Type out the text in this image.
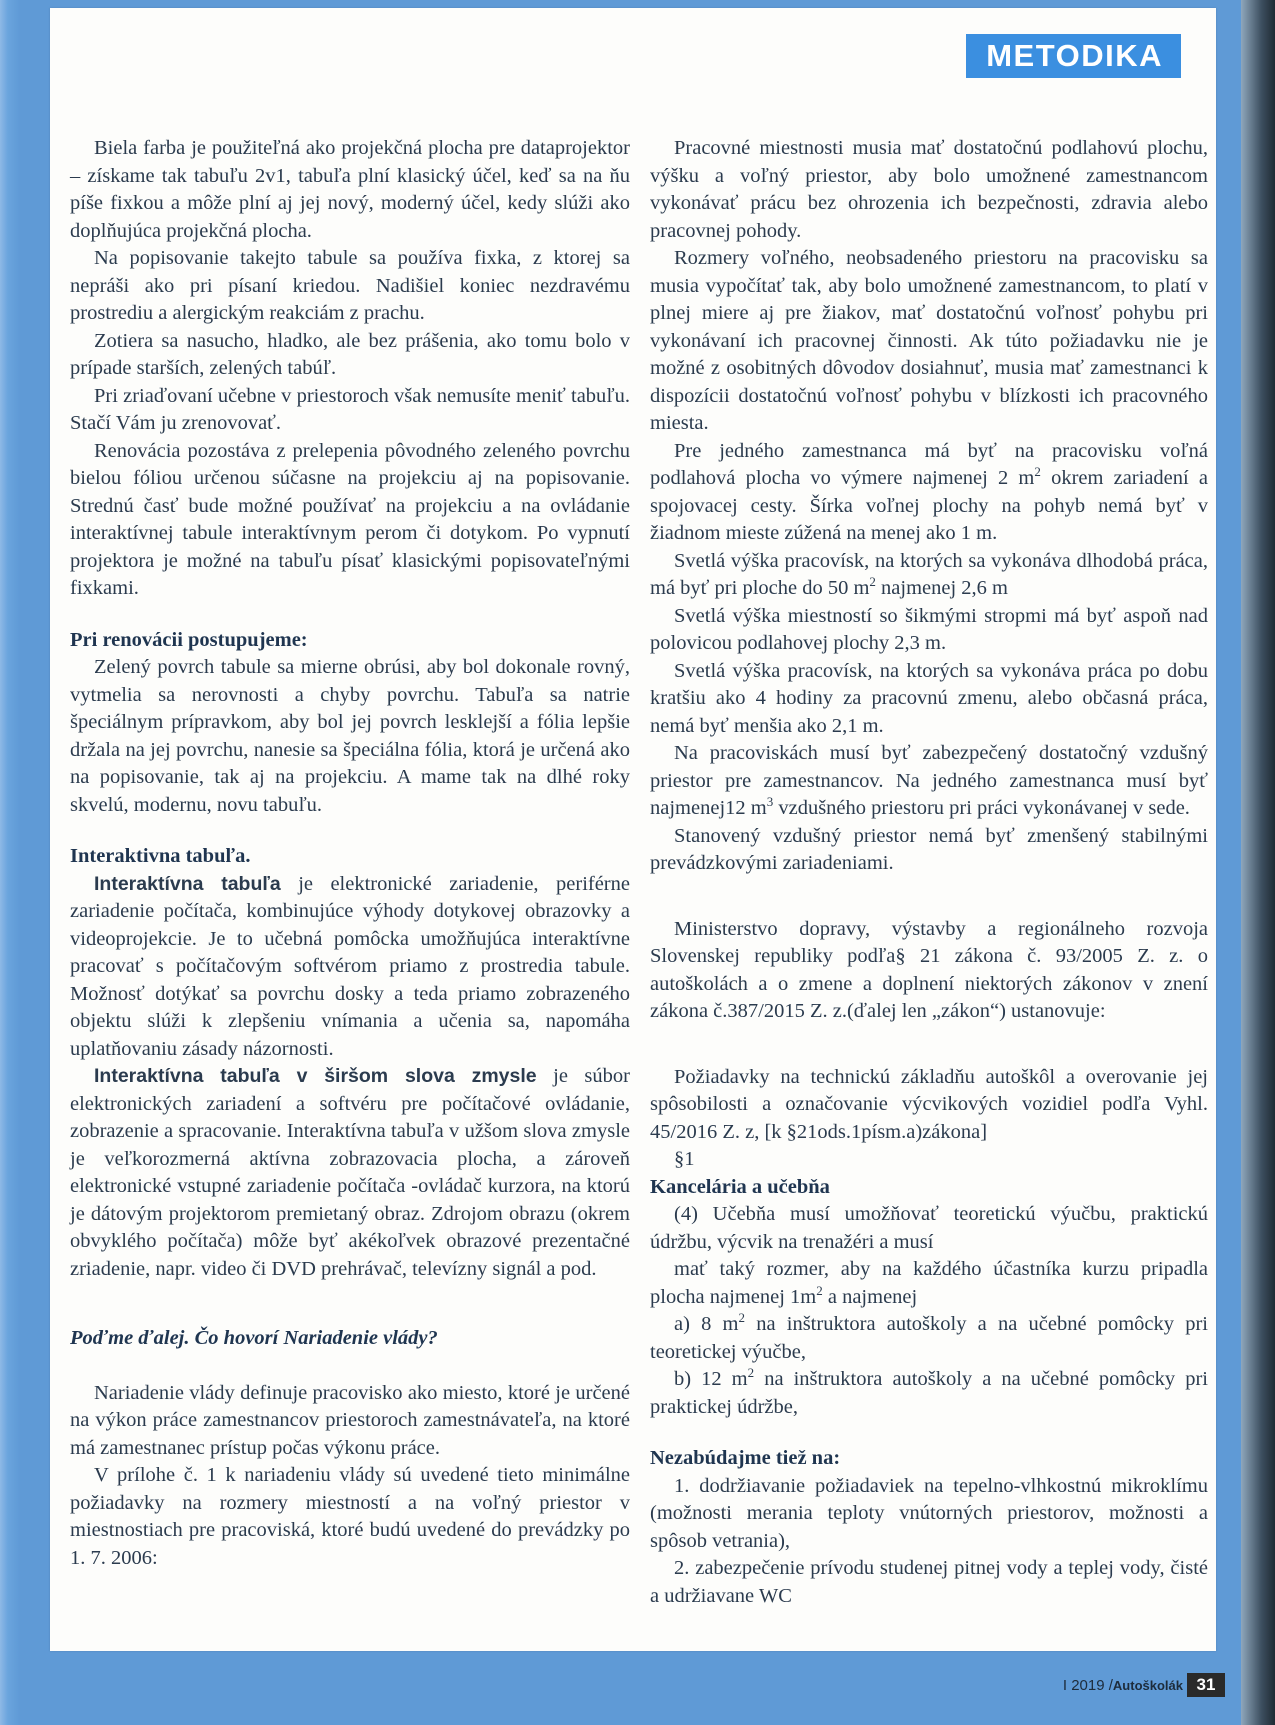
METODIKA

Biela farba je použiteľná ako projekčná plocha pre dataprojektor – získame tak tabuľu 2v1, tabuľa plní klasický účel, keď sa na ňu píše fixkou a môže plní aj jej nový, moderný účel, kedy slúži ako doplňujúca projekčná plocha.

Na popisovanie takejto tabule sa používa fixka, z ktorej sa nepráši ako pri písaní kriedou. Nadišiel koniec nezdravému prostrediu a alergickým reakciám z prachu.

Zotiera sa nasucho, hladko, ale bez prášenia, ako tomu bolo v prípade starších, zelených tabúľ.

Pri zriaďovaní učebne v priestoroch však nemusíte meniť tabuľu. Stačí Vám ju zrenovovať.

Renovácia pozostáva z prelepenia pôvodného zeleného povrchu bielou fóliou určenou súčasne na projekciu aj na popisovanie. Strednú časť bude možné používať na projekciu a na ovládanie interaktívnej tabule interaktívnym perom či dotykom. Po vypnutí projektora je možné na tabuľu písať klasickými popisovateľnými fixkami.

Pri renovácii postupujeme:

Zelený povrch tabule sa mierne obrúsi, aby bol dokonale rovný, vytmelia sa nerovnosti a chyby povrchu. Tabuľa sa natrie špeciálnym prípravkom, aby bol jej povrch lesklejší a fólia lepšie držala na jej povrchu, nanesie sa špeciálna fólia, ktorá je určená ako na popisovanie, tak aj na projekciu. A mame tak na dlhé roky skvelú, modernu, novu tabuľu.

Interaktivna tabuľa.

Interaktívna tabuľa je elektronické zariadenie, periférne zariadenie počítača, kombinujúce výhody dotykovej obrazovky a videoprojekcie. Je to učebná pomôcka umožňujúca interaktívne pracovať s počítačovým softvérom priamo z prostredia tabule. Možnosť dotýkať sa povrchu dosky a teda priamo zobrazeného objektu slúži k zlepšeniu vnímania a učenia sa, napomáha uplatňovaniu zásady názornosti.

Interaktívna tabuľa v širšom slova zmysle je súbor elektronických zariadení a softvéru pre počítačové ovládanie, zobrazenie a spracovanie. Interaktívna tabuľa v užšom slova zmysle je veľkorozmerná aktívna zobrazovacia plocha, a zároveň elektronické vstupné zariadenie počítača -ovládač kurzora, na ktorú je dátovým projektorom premietaný obraz. Zdrojom obrazu (okrem obvyklého počítača) môže byť akékoľvek obrazové prezentačné zriadenie, napr. video či DVD prehrávač, televízny signál a pod.

Poďme ďalej. Čo hovorí Nariadenie vlády?

Nariadenie vlády definuje pracovisko ako miesto, ktoré je určené na výkon práce zamestnancov priestoroch zamestnávateľa, na ktoré má zamestnanec prístup počas výkonu práce.

V prílohe č. 1 k nariadeniu vlády sú uvedené tieto minimálne požiadavky na rozmery miestností a na voľný priestor v miestnostiach pre pracoviská, ktoré budú uvedené do prevádzky po 1. 7. 2006:

Pracovné miestnosti musia mať dostatočnú podlahovú plochu, výšku a voľný priestor, aby bolo umožnené zamestnancom vykonávať prácu bez ohrozenia ich bezpečnosti, zdravia alebo pracovnej pohody.

Rozmery voľného, neobsadeného priestoru na pracovisku sa musia vypočítať tak, aby bolo umožnené zamestnancom, to platí v plnej miere aj pre žiakov, mať dostatočnú voľnosť pohybu pri vykonávaní ich pracovnej činnosti. Ak túto požiadavku nie je možné z osobitných dôvodov dosiahnuť, musia mať zamestnanci k dispozícii dostatočnú voľnosť pohybu v blízkosti ich pracovného miesta.

Pre jedného zamestnanca má byť na pracovisku voľná podlahová plocha vo výmere najmenej 2 $m^2$ okrem zariadení a spojovacej cesty. Šírka voľnej plochy na pohyb nemá byť v žiadnom mieste zúžená na menej ako 1 m.

Svetlá výška pracovísk, na ktorých sa vykonáva dlhodobá práca, má byť pri ploche do 50 $m^2$ najmenej 2,6 m

Svetlá výška miestností so šikmými stropmi má byť aspoň nad polovicou podlahovej plochy 2,3 m.

Svetlá výška pracovísk, na ktorých sa vykonáva práca po dobu kratšiu ako 4 hodiny za pracovnú zmenu, alebo občasná práca, nemá byť menšia ako 2,1 m.

Na pracoviskách musí byť zabezpečený dostatočný vzdušný priestor pre zamestnancov. Na jedného zamestnanca musí byť najmenej12 $m^3$ vzdušného priestoru pri práci vykonávanej v sede.

Stanovený vzdušný priestor nemá byť zmenšený stabilnými prevádzkovými zariadeniami.

Ministerstvo dopravy, výstavby a regionálneho rozvoja Slovenskej republiky podľa§ 21 zákona č. 93/2005 Z. z. o autoškolách a o zmene a doplnení niektorých zákonov v znení zákona č.387/2015 Z. z.(ďalej len „zákon“) ustanovuje:

Požiadavky na technickú základňu autoškôl a overovanie jej spôsobilosti a označovanie výcvikových vozidiel podľa Vyhl. 45/2016 Z. z, [k §21ods.1písm.a)zákona]

§1

Kancelária a učebňa

(4) Učebňa musí umožňovať teoretickú výučbu, praktickú údržbu, výcvik na trenažéri a musí

mať taký rozmer, aby na každého účastníka kurzu pripadla plocha najmenej $1m^2$ a najmenej

a) 8 $m^2$ na inštruktora autoškoly a na učebné pomôcky pri teoretickej výučbe,

b) 12 $m^2$ na inštruktora autoškoly a na učebné pomôcky pri praktickej údržbe,

Nezabúdajme tiež na:

1. dodržiavanie požiadaviek na tepelno-vlhkostnú mikroklímu (možnosti merania teploty vnútorných priestorov, možnosti a spôsob vetrania),

2. zabezpečenie prívodu studenej pitnej vody a teplej vody, čisté a udržiavane WC

I 2019 /Autoškolák 31
